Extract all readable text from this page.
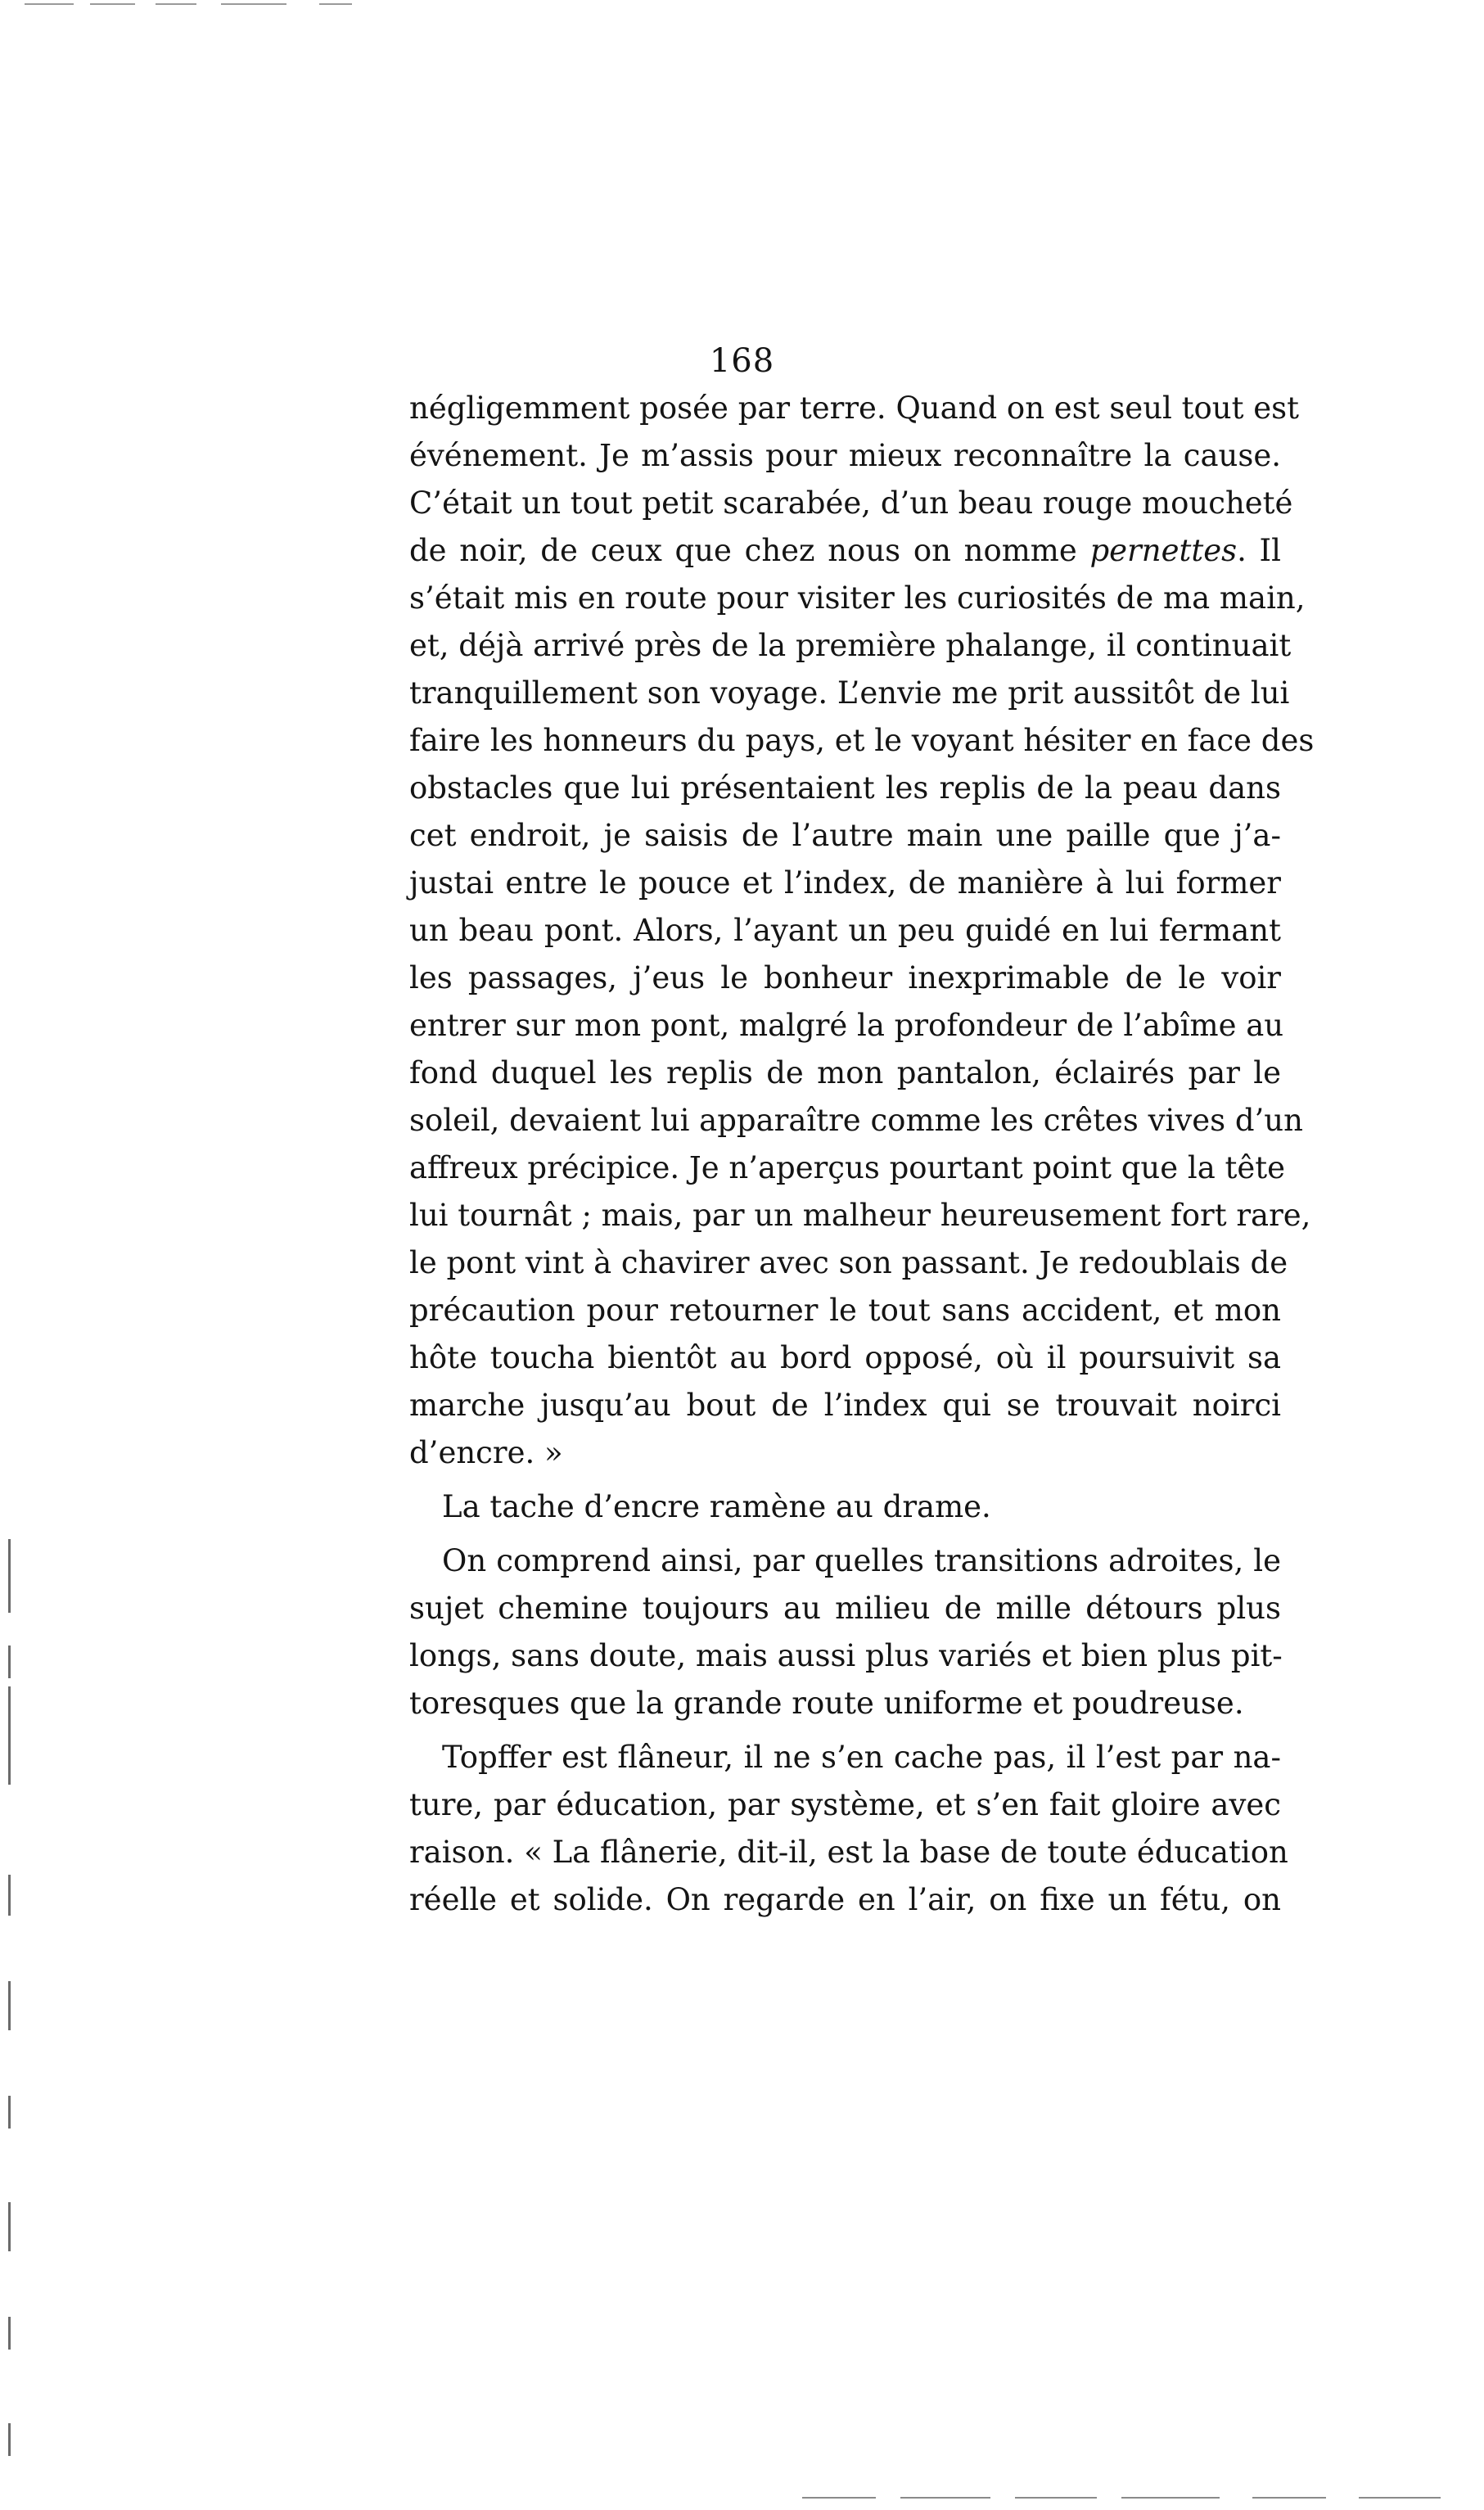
168
négligemment posée par terre. Quand on est seul tout est
événement. Je m’assis pour mieux reconnaître la cause.
C’était un tout petit scarabée, d’un beau rouge moucheté
de noir, de ceux que chez nous on nomme pernettes. Il
s’était mis en route pour visiter les curiosités de ma main,
et, déjà arrivé près de la première phalange, il continuait
tranquillement son voyage. L’envie me prit aussitôt de lui
faire les honneurs du pays, et le voyant hésiter en face des
obstacles que lui présentaient les replis de la peau dans
cet endroit, je saisis de l’autre main une paille que j’a-
justai entre le pouce et l’index, de manière à lui former
un beau pont. Alors, l’ayant un peu guidé en lui fermant
les passages, j’eus le bonheur inexprimable de le voir
entrer sur mon pont, malgré la profondeur de l’abîme au
fond duquel les replis de mon pantalon, éclairés par le
soleil, devaient lui apparaître comme les crêtes vives d’un
affreux précipice. Je n’aperçus pourtant point que la tête
lui tournât ; mais, par un malheur heureusement fort rare,
le pont vint à chavirer avec son passant. Je redoublais de
précaution pour retourner le tout sans accident, et mon
hôte toucha bientôt au bord opposé, où il poursuivit sa
marche jusqu’au bout de l’index qui se trouvait noirci
d’encre. »
La tache d’encre ramène au drame.
On comprend ainsi, par quelles transitions adroites, le
sujet chemine toujours au milieu de mille détours plus
longs, sans doute, mais aussi plus variés et bien plus pit-
toresques que la grande route uniforme et poudreuse.
Topffer est flâneur, il ne s’en cache pas, il l’est par na-
ture, par éducation, par système, et s’en fait gloire avec
raison. « La flânerie, dit-il, est la base de toute éducation
réelle et solide. On regarde en l’air, on fixe un fétu, on
